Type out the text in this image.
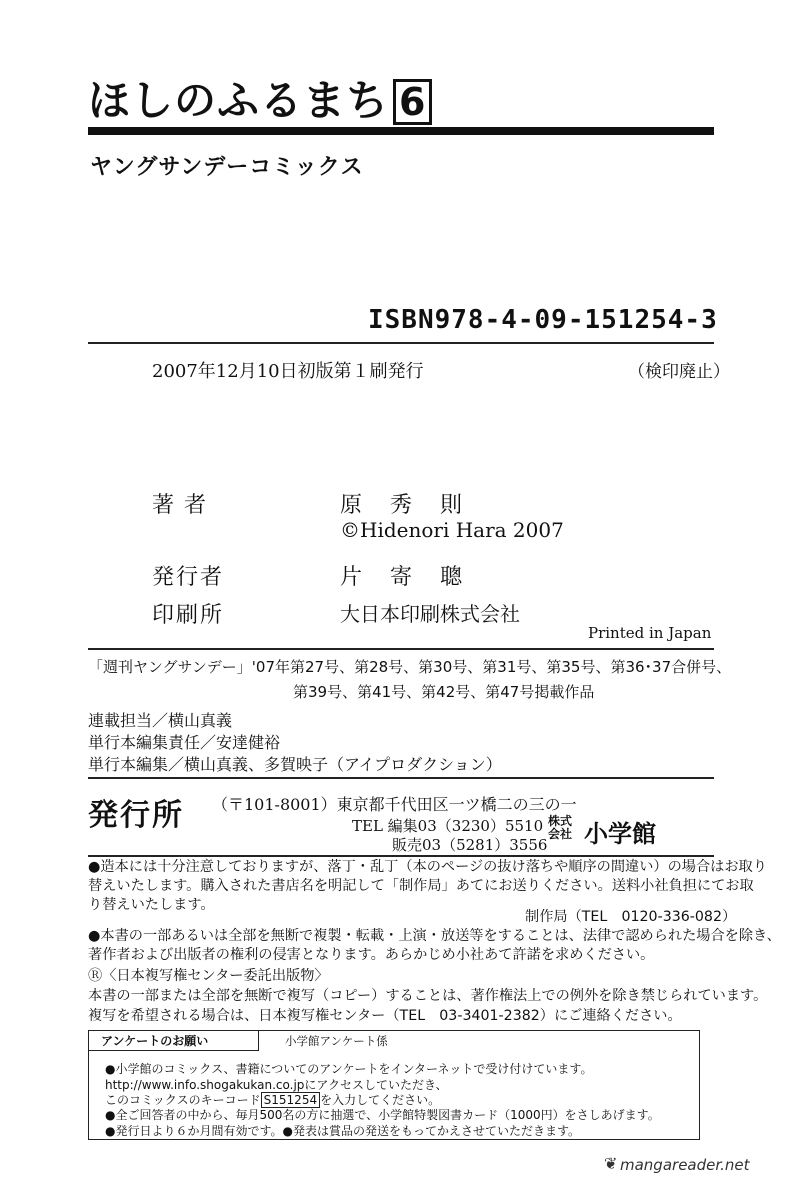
ほしのふるまち 6
ヤングサンデーコミックス
ISBN978-4-09-151254-3
2007年12月10日初版第１刷発行	（検印廃止）
著者	原秀則
©Hidenori Hara 2007
発行者	片寄聰
印刷所	大日本印刷株式会社
Printed in Japan
「週刊ヤングサンデー」'07年第27号、第28号、第30号、第31号、第35号、第36･37合併号、
第39号、第41号、第42号、第47号掲載作品
連載担当／横山真義
単行本編集責任／安達健裕
単行本編集／横山真義、多賀映子（アイプロダクション）
発行所 （〒101-8001）東京都千代田区一ツ橋二の三の一
TEL 編集03（3230）5510
販売03（5281）3556
株式会社 小学館
●造本には十分注意しておりますが、落丁・乱丁（本のページの抜け落ちや順序の間違い）の場合はお取り
替えいたします。購入された書店名を明記して「制作局」あてにお送りください。送料小社負担にてお取
り替えいたします。
制作局（TEL　0120-336-082）
●本書の一部あるいは全部を無断で複製・転載・上演・放送等をすることは、法律で認められた場合を除き、
著作者および出版者の権利の侵害となります。あらかじめ小社あて許諾を求めください。
Ⓡ〈日本複写権センター委託出版物〉
本書の一部または全部を無断で複写（コピー）することは、著作権法上での例外を除き禁じられています。
複写を希望される場合は、日本複写権センター（TEL　03-3401-2382）にご連絡ください。
アンケートのお願い	小学館アンケート係
●小学館のコミックス、書籍についてのアンケートをインターネットで受け付けています。
http://www.info.shogakukan.co.jpにアクセスしていただき、
このコミックスのキーコード S151254 を入力してください。
●全ご回答者の中から、毎月500名の方に抽選で、小学館特製図書カード（1000円）をさしあげます。
●発行日より６か月間有効です。●発表は賞品の発送をもってかえさせていただきます。
❦ mangareader.net
